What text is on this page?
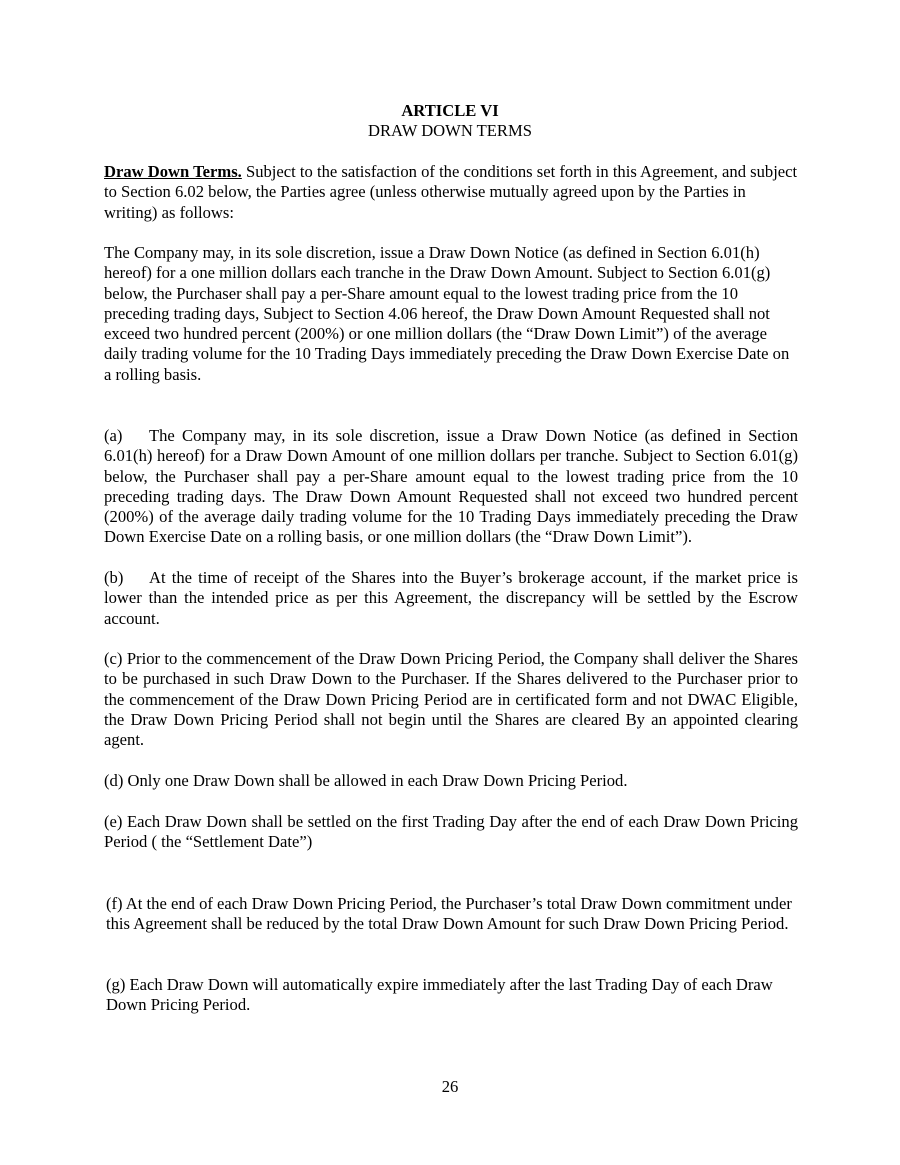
ARTICLE VI
DRAW DOWN TERMS

Draw Down Terms. Subject to the satisfaction of the conditions set forth in this Agreement, and subject to Section 6.02 below, the Parties agree (unless otherwise mutually agreed upon by the Parties in writing) as follows:

The Company may, in its sole discretion, issue a Draw Down Notice (as defined in Section 6.01(h) hereof) for a one million dollars each tranche in the Draw Down Amount. Subject to Section 6.01(g) below, the Purchaser shall pay a per-Share amount equal to the lowest trading price from the 10 preceding trading days, Subject to Section 4.06 hereof, the Draw Down Amount Requested shall not exceed two hundred percent (200%) or one million dollars (the “Draw Down Limit”) of the average daily trading volume for the 10 Trading Days immediately preceding the Draw Down Exercise Date on a rolling basis.

(a) The Company may, in its sole discretion, issue a Draw Down Notice (as defined in Section 6.01(h) hereof) for a Draw Down Amount of one million dollars per tranche. Subject to Section 6.01(g) below, the Purchaser shall pay a per-Share amount equal to the lowest trading price from the 10 preceding trading days. The Draw Down Amount Requested shall not exceed two hundred percent (200%) of the average daily trading volume for the 10 Trading Days immediately preceding the Draw Down Exercise Date on a rolling basis, or one million dollars (the “Draw Down Limit”).

(b) At the time of receipt of the Shares into the Buyer’s brokerage account, if the market price is lower than the intended price as per this Agreement, the discrepancy will be settled by the Escrow account.

(c) Prior to the commencement of the Draw Down Pricing Period, the Company shall deliver the Shares to be purchased in such Draw Down to the Purchaser. If the Shares delivered to the Purchaser prior to the commencement of the Draw Down Pricing Period are in certificated form and not DWAC Eligible, the Draw Down Pricing Period shall not begin until the Shares are cleared By an appointed clearing agent.

(d) Only one Draw Down shall be allowed in each Draw Down Pricing Period.

(e) Each Draw Down shall be settled on the first Trading Day after the end of each Draw Down Pricing Period ( the “Settlement Date”)

(f) At the end of each Draw Down Pricing Period, the Purchaser’s total Draw Down commitment under this Agreement shall be reduced by the total Draw Down Amount for such Draw Down Pricing Period.

(g) Each Draw Down will automatically expire immediately after the last Trading Day of each Draw Down Pricing Period.

26
